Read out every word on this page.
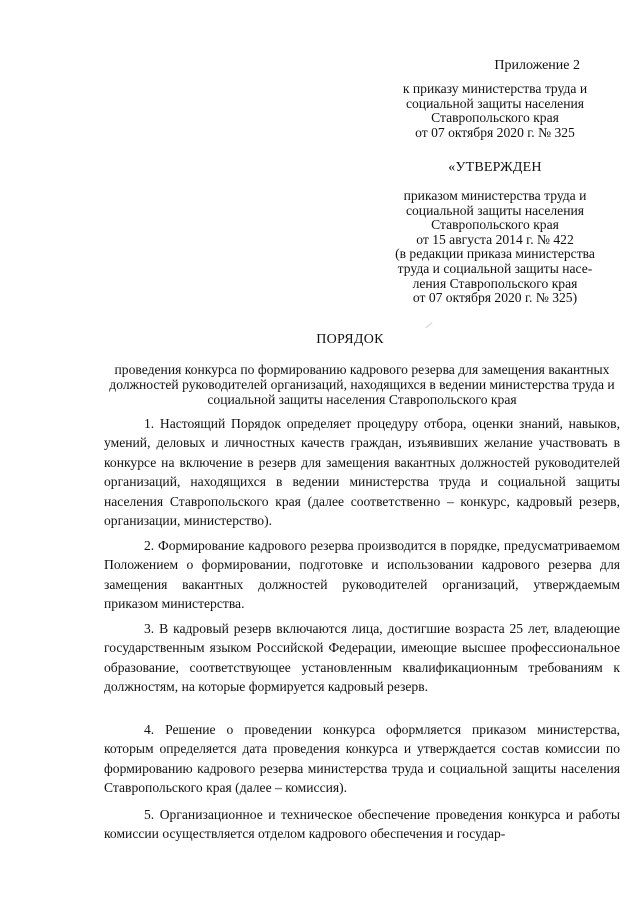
Приложение 2
к приказу министерства труда и
социальной защиты населения
Ставропольского края
от 07 октября 2020 г. № 325
«УТВЕРЖДЕН
приказом министерства труда и
социальной защиты населения
Ставропольского края
от 15 августа 2014 г. № 422
(в редакции приказа министерства
труда и социальной защиты насе-
ления Ставропольского края
от 07 октября 2020 г. № 325)
ПОРЯДОК
проведения конкурса по формированию кадрового резерва для замещения вакантных должностей руководителей организаций, находящихся в ведении министерства труда и социальной защиты населения Ставропольского края
1. Настоящий Порядок определяет процедуру отбора, оценки знаний, навыков, умений, деловых и личностных качеств граждан, изъявивших желание участвовать в конкурсе на включение в резерв для замещения вакантных должностей руководителей организаций, находящихся в ведении министерства труда и социальной защиты населения Ставропольского края (далее соответственно – конкурс, кадровый резерв, организации, министерство).
2. Формирование кадрового резерва производится в порядке, предусматриваемом Положением о формировании, подготовке и использовании кадрового резерва для замещения вакантных должностей руководителей организаций, утверждаемым приказом министерства.
3. В кадровый резерв включаются лица, достигшие возраста 25 лет, владеющие государственным языком Российской Федерации, имеющие высшее профессиональное образование, соответствующее установленным квалификационным требованиям к должностям, на которые формируется кадровый резерв.
4. Решение о проведении конкурса оформляется приказом министерства, которым определяется дата проведения конкурса и утверждается состав комиссии по формированию кадрового резерва министерства труда и социальной защиты населения Ставропольского края (далее – комиссия).
5. Организационное и техническое обеспечение проведения конкурса и работы комиссии осуществляется отделом кадрового обеспечения и государ-
